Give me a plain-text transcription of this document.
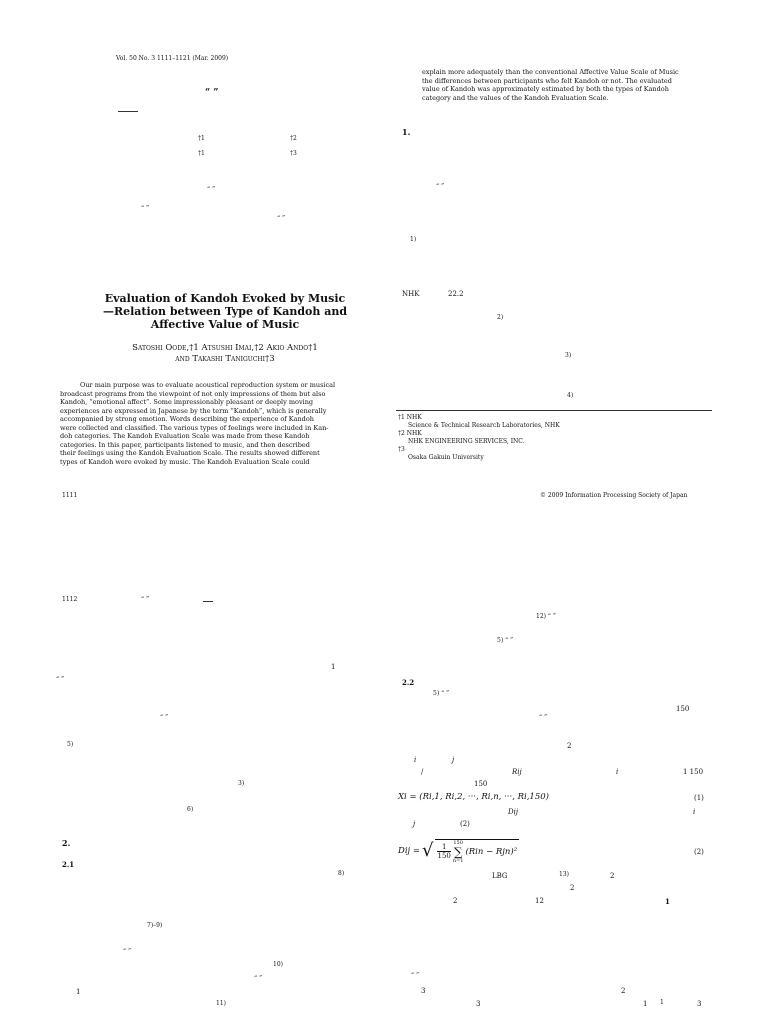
Vol. 50 No. 3 1111–1121 (Mar. 2009)
“ ”
†1	†2
†1	†3
“ ”
“ ”
“ ”
Evaluation of Kandoh Evoked by Music
—Relation between Type of Kandoh and
Affective Value of Music
Satoshi Oode,†1 Atsushi Imai,†2 Akio Ando†1
and Takashi Taniguchi†3
Our main purpose was to evaluate acoustical reproduction system or musical
broadcast programs from the viewpoint of not only impressions of them but also
Kandoh, “emotional affect”. Some impressionably pleasant or deeply moving
experiences are expressed in Japanese by the term “Kandoh”, which is generally
accompanied by strong emotion. Words describing the experience of Kandoh
were collected and classified. The various types of feelings were included in Kan-
doh categories. The Kandoh Evaluation Scale was made from these Kandoh
categories. In this paper, participants listened to music, and then described
their feelings using the Kandoh Evaluation Scale. The results showed different
types of Kandoh were evoked by music. The Kandoh Evaluation Scale could
explain more adequately than the conventional Affective Value Scale of Music
the differences between participants who felt Kandoh or not. The evaluated
value of Kandoh was approximately estimated by both the types of Kandoh
category and the values of the Kandoh Evaluation Scale.
1.
“ ”
1)
NHK	22.2
2)
3)
4)
†1 NHK
Science & Technical Research Laboratories, NHK
†2 NHK
NHK ENGINEERING SERVICES, INC.
†3
Osaka Gakuin University
1111	© 2009 Information Processing Society of Japan
1112	“ ”
1
“ ”
“ ”
5)
3)
6)
2.
2.1
8)
7)–9)
“ ”
10)
“ ”
1
11)
12) “ ”
5) “ ”
2.2
5) “ ”
150
“ ”
2
i	j
/	Rij	i	1 150
150
Xi = (Ri,1, Ri,2, ···, Ri,n, ···, Ri,150)	(1)
Dij	i
j	(2)
Dij = √ $\frac{1}{150}$
150
∑
n=1
(Rin − Rjn)²	(2)
LBG	13)	2
2
2	12	1
“ ”
3	2
3	1 1	3
